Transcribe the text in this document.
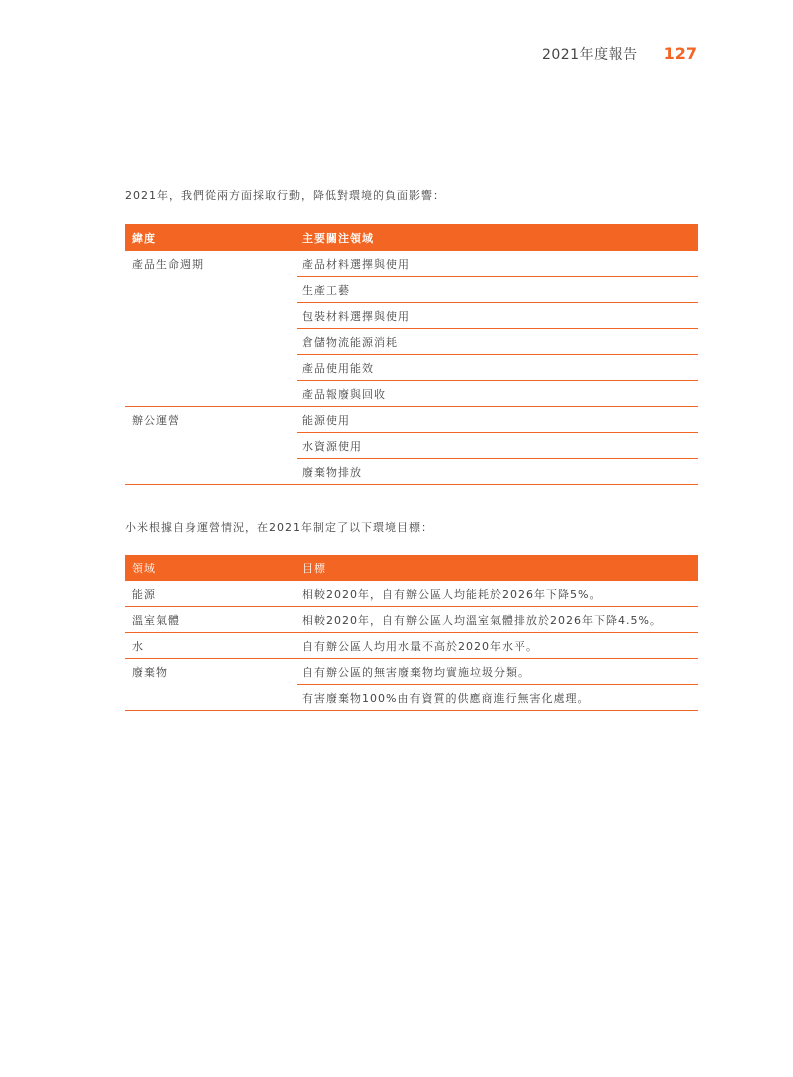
2021年度報告 127
2021年，我們從兩方面採取行動，降低對環境的負面影響：
緯度	主要關注領域
產品生命週期	產品材料選擇與使用
生產工藝
包裝材料選擇與使用
倉儲物流能源消耗
產品使用能效
產品報廢與回收
辦公運營	能源使用
水資源使用
廢棄物排放
小米根據自身運營情況，在2021年制定了以下環境目標：
領域	目標
能源	相較2020年，自有辦公區人均能耗於2026年下降5%。
溫室氣體	相較2020年，自有辦公區人均溫室氣體排放於2026年下降4.5%。
水	自有辦公區人均用水量不高於2020年水平。
廢棄物	自有辦公區的無害廢棄物均實施垃圾分類。
有害廢棄物100%由有資質的供應商進行無害化處理。
